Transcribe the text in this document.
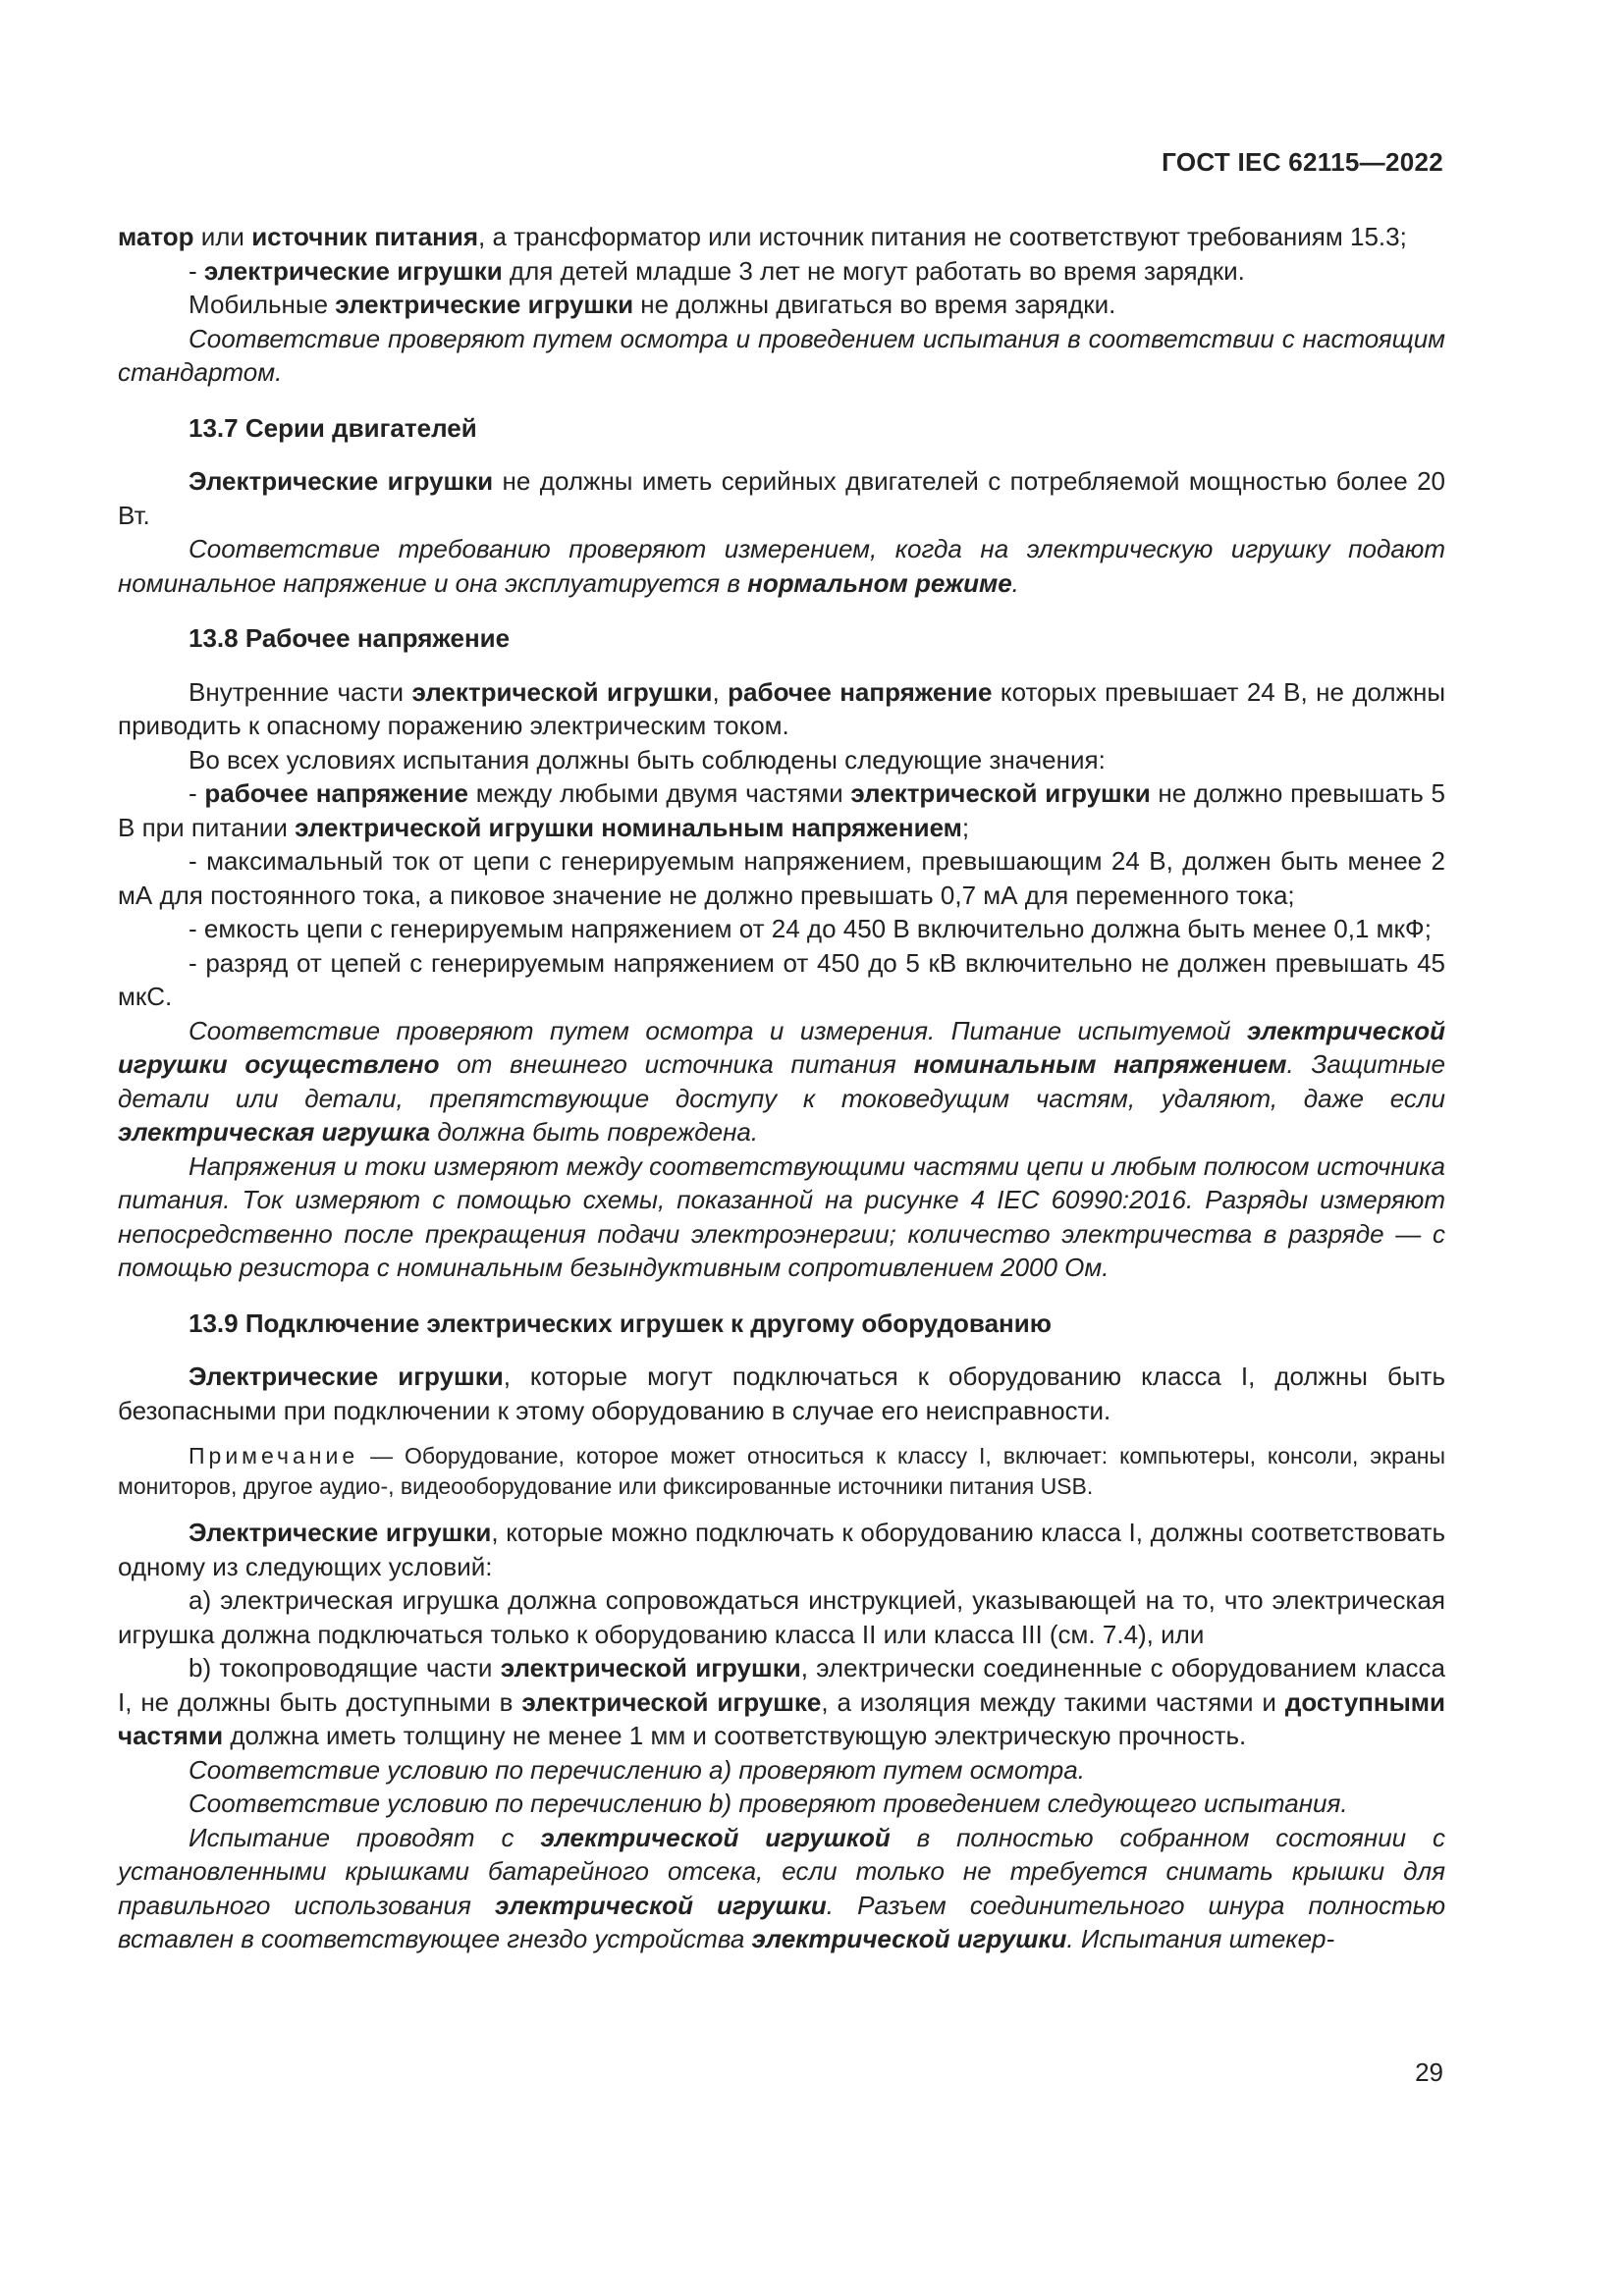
ГОСТ IEC 62115—2022

матор или источник питания, а трансформатор или источник питания не соответствуют требованиям 15.3;

- электрические игрушки для детей младше 3 лет не могут работать во время зарядки.

Мобильные электрические игрушки не должны двигаться во время зарядки.

Соответствие проверяют путем осмотра и проведением испытания в соответствии с настоящим стандартом.

13.7 Серии двигателей

Электрические игрушки не должны иметь серийных двигателей с потребляемой мощностью более 20 Вт.

Соответствие требованию проверяют измерением, когда на электрическую игрушку подают номинальное напряжение и она эксплуатируется в нормальном режиме.

13.8 Рабочее напряжение

Внутренние части электрической игрушки, рабочее напряжение которых превышает 24 В, не должны приводить к опасному поражению электрическим током.

Во всех условиях испытания должны быть соблюдены следующие значения:

- рабочее напряжение между любыми двумя частями электрической игрушки не должно превышать 5 В при питании электрической игрушки номинальным напряжением;

- максимальный ток от цепи с генерируемым напряжением, превышающим 24 В, должен быть менее 2 мА для постоянного тока, а пиковое значение не должно превышать 0,7 мА для переменного тока;

- емкость цепи с генерируемым напряжением от 24 до 450 В включительно должна быть менее 0,1 мкФ;

- разряд от цепей с генерируемым напряжением от 450 до 5 кВ включительно не должен превышать 45 мкС.

Соответствие проверяют путем осмотра и измерения. Питание испытуемой электрической игрушки осуществлено от внешнего источника питания номинальным напряжением. Защитные детали или детали, препятствующие доступу к токоведущим частям, удаляют, даже если электрическая игрушка должна быть повреждена.

Напряжения и токи измеряют между соответствующими частями цепи и любым полюсом источника питания. Ток измеряют с помощью схемы, показанной на рисунке 4 IEC 60990:2016. Разряды измеряют непосредственно после прекращения подачи электроэнергии; количество электричества в разряде — с помощью резистора с номинальным безындуктивным сопротивлением 2000 Ом.

13.9 Подключение электрических игрушек к другому оборудованию

Электрические игрушки, которые могут подключаться к оборудованию класса I, должны быть безопасными при подключении к этому оборудованию в случае его неисправности.

Примечание — Оборудование, которое может относиться к классу I, включает: компьютеры, консоли, экраны мониторов, другое аудио-, видеооборудование или фиксированные источники питания USB.

Электрические игрушки, которые можно подключать к оборудованию класса I, должны соответствовать одному из следующих условий:

a) электрическая игрушка должна сопровождаться инструкцией, указывающей на то, что электрическая игрушка должна подключаться только к оборудованию класса II или класса III (см. 7.4), или

b) токопроводящие части электрической игрушки, электрически соединенные с оборудованием класса I, не должны быть доступными в электрической игрушке, а изоляция между такими частями и доступными частями должна иметь толщину не менее 1 мм и соответствующую электрическую прочность.

Соответствие условию по перечислению a) проверяют путем осмотра.

Соответствие условию по перечислению b) проверяют проведением следующего испытания.

Испытание проводят с электрической игрушкой в полностью собранном состоянии с установленными крышками батарейного отсека, если только не требуется снимать крышки для правильного использования электрической игрушки. Разъем соединительного шнура полностью вставлен в соответствующее гнездо устройства электрической игрушки. Испытания штекер-

29
